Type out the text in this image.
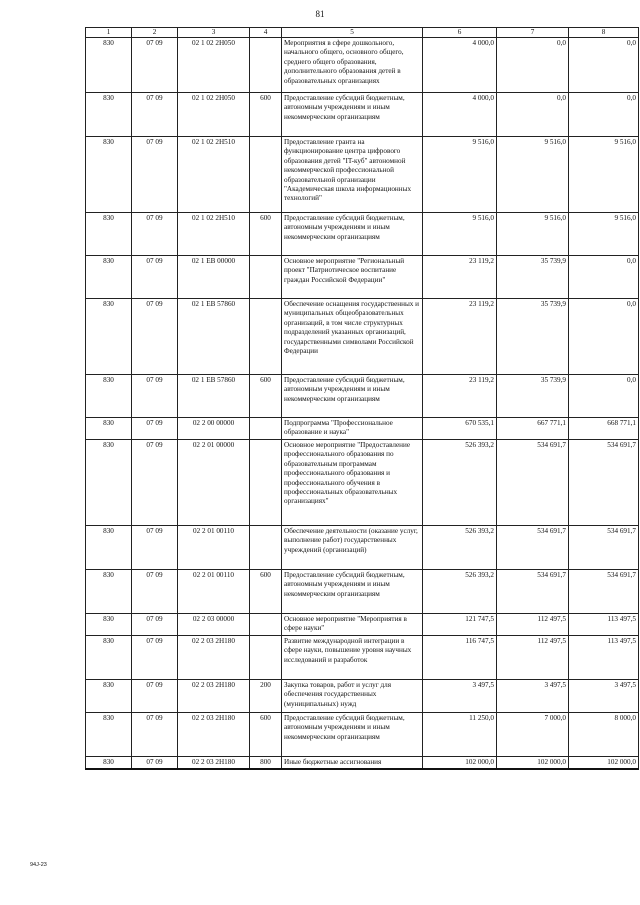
81
1	2	3	4	5	6	7	8
830	07 09	02 1 02 2Н050		Мероприятия в сфере дошкольного, начального общего, основного общего, среднего общего образования, дополнительного образования детей в образовательных организациях	4 000,0	0,0	0,0
830	07 09	02 1 02 2Н050	600	Предоставление субсидий бюджетным, автономным учреждениям и иным некоммерческим организациям	4 000,0	0,0	0,0
830	07 09	02 1 02 2Н510		Предоставление гранта на функционирование центра цифрового образования детей "IT-куб" автономной некоммерческой профессиональной образовательной организации "Академическая школа информационных технологий"	9 516,0	9 516,0	9 516,0
830	07 09	02 1 02 2Н510	600	Предоставление субсидий бюджетным, автономным учреждениям и иным некоммерческим организациям	9 516,0	9 516,0	9 516,0
830	07 09	02 1 ЕВ 00000		Основное мероприятие "Региональный проект "Патриотическое воспитание граждан Российской Федерации"	23 119,2	35 739,9	0,0
830	07 09	02 1 ЕВ 57860		Обеспечение оснащения государственных и муниципальных общеобразовательных организаций, в том числе структурных подразделений указанных организаций, государственными символами Российской Федерации	23 119,2	35 739,9	0,0
830	07 09	02 1 ЕВ 57860	600	Предоставление субсидий бюджетным, автономным учреждениям и иным некоммерческим организациям	23 119,2	35 739,9	0,0
830	07 09	02 2 00 00000		Подпрограмма "Профессиональное образование и наука"	670 535,1	667 771,1	668 771,1
830	07 09	02 2 01 00000		Основное мероприятие "Предоставление профессионального образования по образовательным программам профессионального образования и профессионального обучения в профессиональных образовательных организациях"	526 393,2	534 691,7	534 691,7
830	07 09	02 2 01 00110		Обеспечение деятельности (оказание услуг, выполнение работ) государственных учреждений (организаций)	526 393,2	534 691,7	534 691,7
830	07 09	02 2 01 00110	600	Предоставление субсидий бюджетным, автономным учреждениям и иным некоммерческим организациям	526 393,2	534 691,7	534 691,7
830	07 09	02 2 03 00000		Основное мероприятие "Мероприятия в сфере науки"	121 747,5	112 497,5	113 497,5
830	07 09	02 2 03 2Н180		Развитие международной интеграции в сфере науки, повышение уровня научных исследований и разработок	116 747,5	112 497,5	113 497,5
830	07 09	02 2 03 2Н180	200	Закупка товаров, работ и услуг для обеспечения государственных (муниципальных) нужд	3 497,5	3 497,5	3 497,5
830	07 09	02 2 03 2Н180	600	Предоставление субсидий бюджетным, автономным учреждениям и иным некоммерческим организациям	11 250,0	7 000,0	8 000,0
830	07 09	02 2 03 2Н180	800	Иные бюджетные ассигнования	102 000,0	102 000,0	102 000,0
94J-23
